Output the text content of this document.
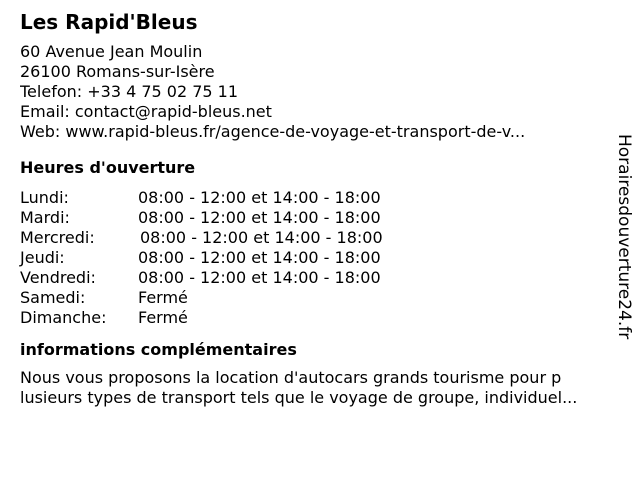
Les Rapid'Bleus
60 Avenue Jean Moulin
26100 Romans-sur-Isère
Telefon: +33 4 75 02 75 11
Email: contact@rapid-bleus.net
Web: www.rapid-bleus.fr/agence-de-voyage-et-transport-de-v...
Heures d'ouverture
Lundi:	08:00 - 12:00 et 14:00 - 18:00
Mardi:	08:00 - 12:00 et 14:00 - 18:00
Mercredi:	08:00 - 12:00 et 14:00 - 18:00
Jeudi:	08:00 - 12:00 et 14:00 - 18:00
Vendredi:	08:00 - 12:00 et 14:00 - 18:00
Samedi:	Fermé
Dimanche:	Fermé
informations complémentaires
Nous vous proposons la location d'autocars grands tourisme pour p
lusieurs types de transport tels que le voyage de groupe, individuel...
Horairesdouverture24.fr
